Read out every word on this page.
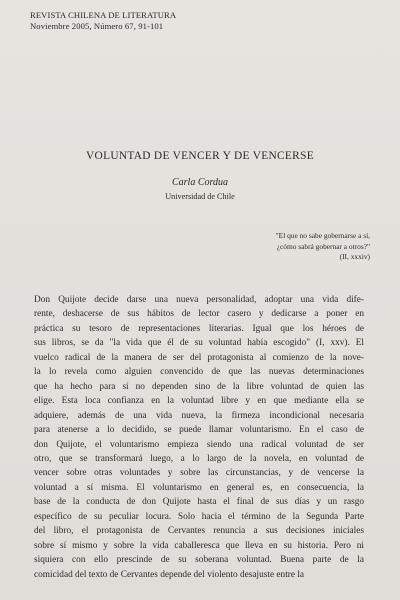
REVISTA CHILENA DE LITERATURA
Noviembre 2005, Número 67, 91-101
VOLUNTAD DE VENCER Y DE VENCERSE
Carla Cordua
Universidad de Chile
"El que no sabe gobernarse a sí,
¿cómo sabrá gobernar a otros?"
(II, xxxiv)
Don Quijote decide darse una nueva personalidad, adoptar una vida dife-
rente, deshacerse de sus hábitos de lector casero y dedicarse a poner en
práctica su tesoro de representaciones literarias. Igual que los héroes de
sus libros, se da "la vida que él de su voluntad había escogido" (I, xxv). El
vuelco radical de la manera de ser del protagonista al comienzo de la nove-
la lo revela como alguien convencido de que las nuevas determinaciones
que ha hecho para sí no dependen sino de la libre voluntad de quien las
elige. Esta loca confianza en la voluntad libre y en que mediante ella se
adquiere, además de una vida nueva, la firmeza incondicional necesaria
para atenerse a lo decidido, se puede llamar voluntarismo. En el caso de
don Quijote, el voluntarismo empieza siendo una radical voluntad de ser
otro, que se transformará luego, a lo largo de la novela, en voluntad de
vencer sobre otras voluntades y sobre las circunstancias, y de vencerse la
voluntad a sí misma. El voluntarismo en general es, en consecuencia, la
base de la conducta de don Quijote hasta el final de sus días y un rasgo
específico de su peculiar locura. Solo hacia el término de la Segunda Parte
del libro, el protagonista de Cervantes renuncia a sus decisiones iniciales
sobre sí mismo y sobre la vida caballeresca que lleva en su historia. Pero ni
siquiera con ello prescinde de su soberana voluntad. Buena parte de la
comicidad del texto de Cervantes depende del violento desajuste entre la
